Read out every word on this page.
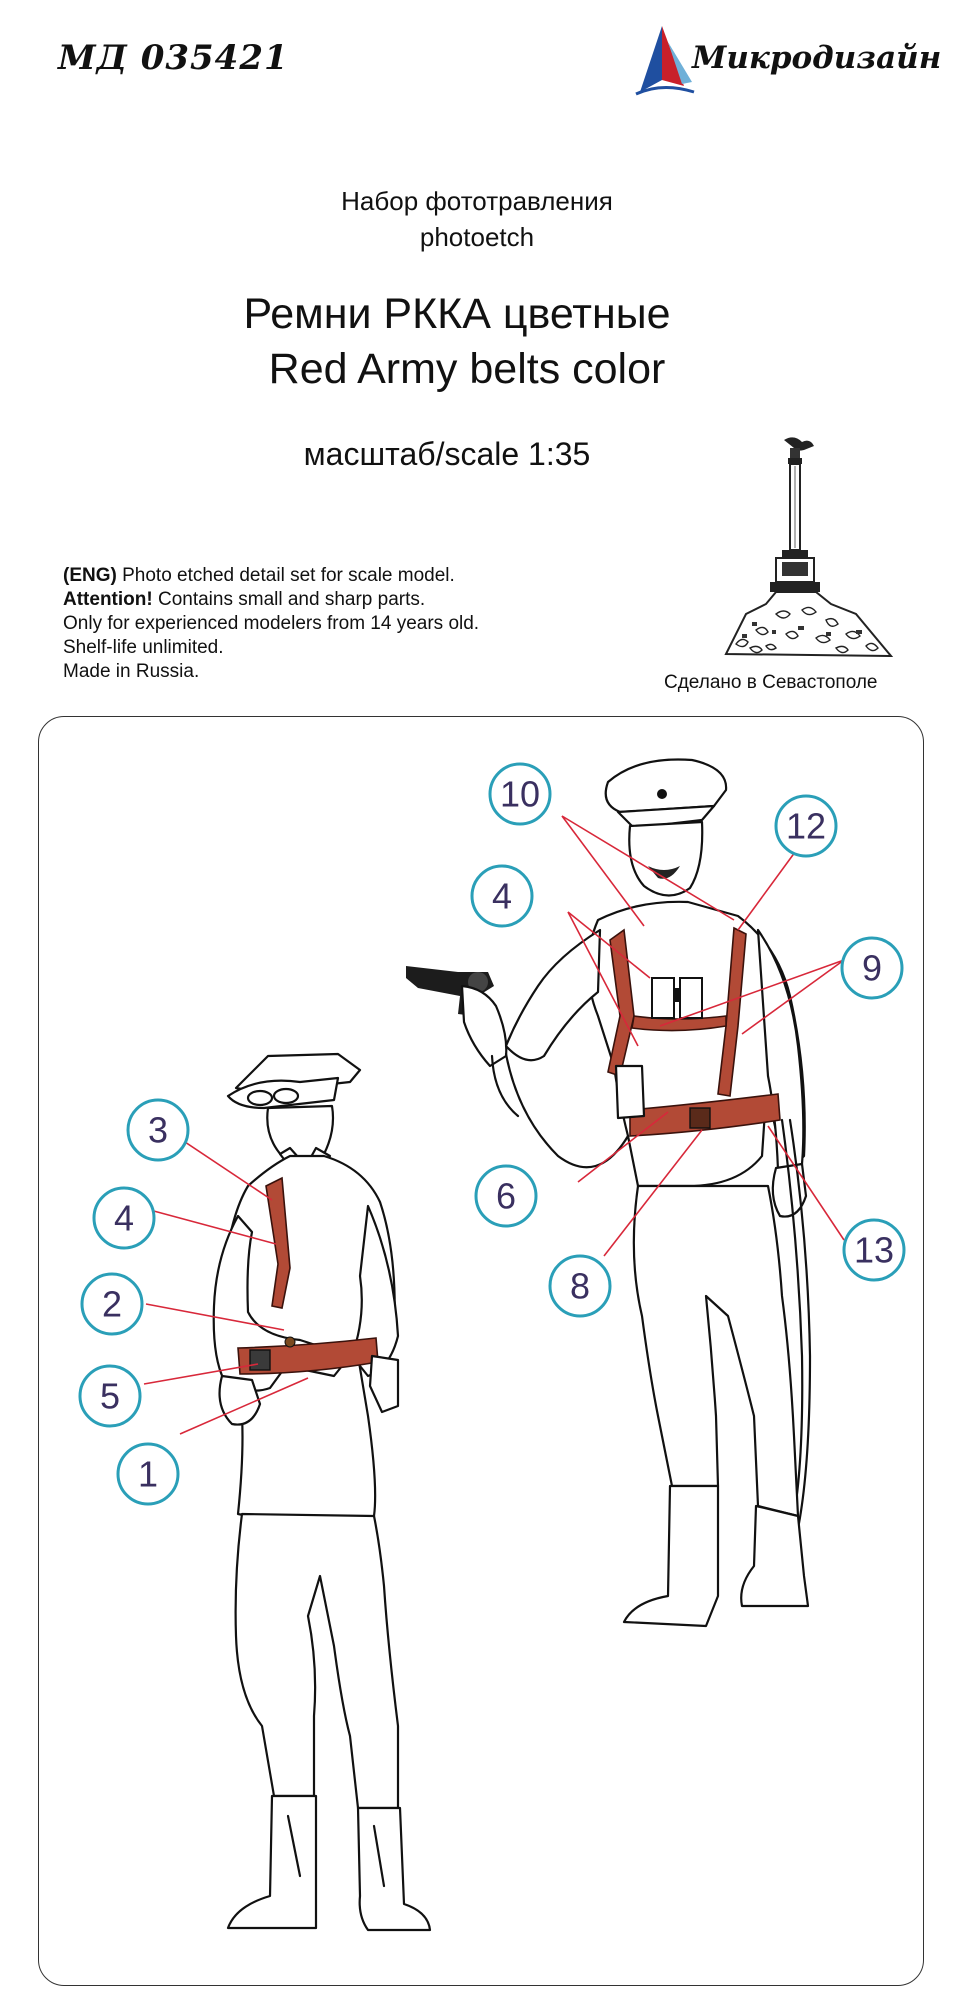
МД 035421	Микродизайн
Набор фототравления
photoetch
Ремни РККА цветные
Red Army belts color
масштаб/scale 1:35
(ENG) Photo etched detail set for scale model.
Attention! Contains small and sharp parts.
Only for experienced modelers from 14 years old.
Shelf-life unlimited.
Made in Russia.
Сделано в Севастополе
3
4
2
5
1
10
4
12
9
6
8
13
